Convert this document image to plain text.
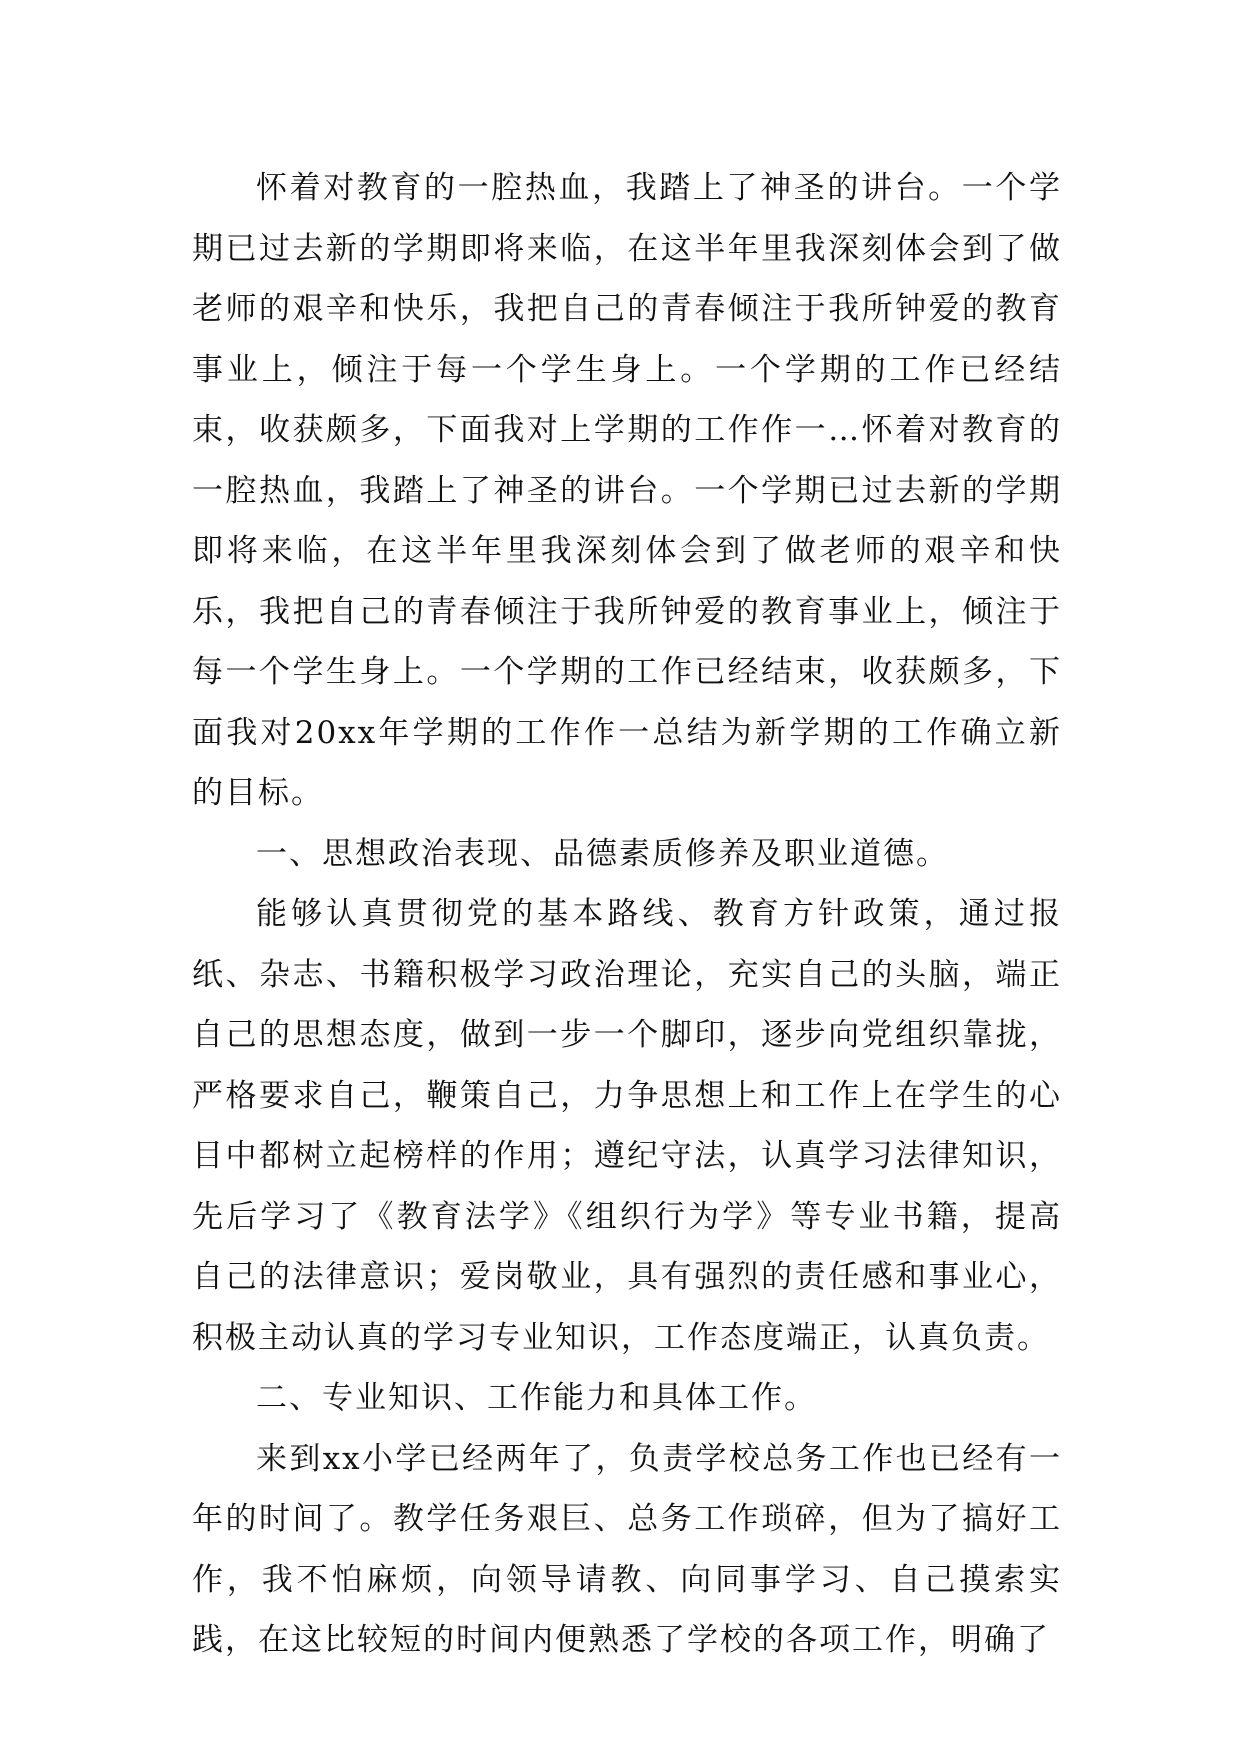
怀着对教育的一腔热血，我踏上了神圣的讲台。一个学期已过去新的学期即将来临，在这半年里我深刻体会到了做老师的艰辛和快乐，我把自己的青春倾注于我所钟爱的教育事业上，倾注于每一个学生身上。一个学期的工作已经结束，收获颇多，下面我对上学期的工作作一…怀着对教育的一腔热血，我踏上了神圣的讲台。一个学期已过去新的学期即将来临，在这半年里我深刻体会到了做老师的艰辛和快乐，我把自己的青春倾注于我所钟爱的教育事业上，倾注于每一个学生身上。一个学期的工作已经结束，收获颇多，下面我对20xx年学期的工作作一总结为新学期的工作确立新的目标。

一、思想政治表现、品德素质修养及职业道德。

能够认真贯彻党的基本路线、教育方针政策，通过报纸、杂志、书籍积极学习政治理论，充实自己的头脑，端正自己的思想态度，做到一步一个脚印，逐步向党组织靠拢，严格要求自己，鞭策自己，力争思想上和工作上在学生的心目中都树立起榜样的作用；遵纪守法，认真学习法律知识，先后学习了《教育法学》《组织行为学》等专业书籍，提高自己的法律意识；爱岗敬业，具有强烈的责任感和事业心，积极主动认真的学习专业知识，工作态度端正，认真负责。

二、专业知识、工作能力和具体工作。

来到xx小学已经两年了，负责学校总务工作也已经有一年的时间了。教学任务艰巨、总务工作琐碎，但为了搞好工作，我不怕麻烦，向领导请教、向同事学习、自己摸索实践，在这比较短的时间内便熟悉了学校的各项工作，明确了
